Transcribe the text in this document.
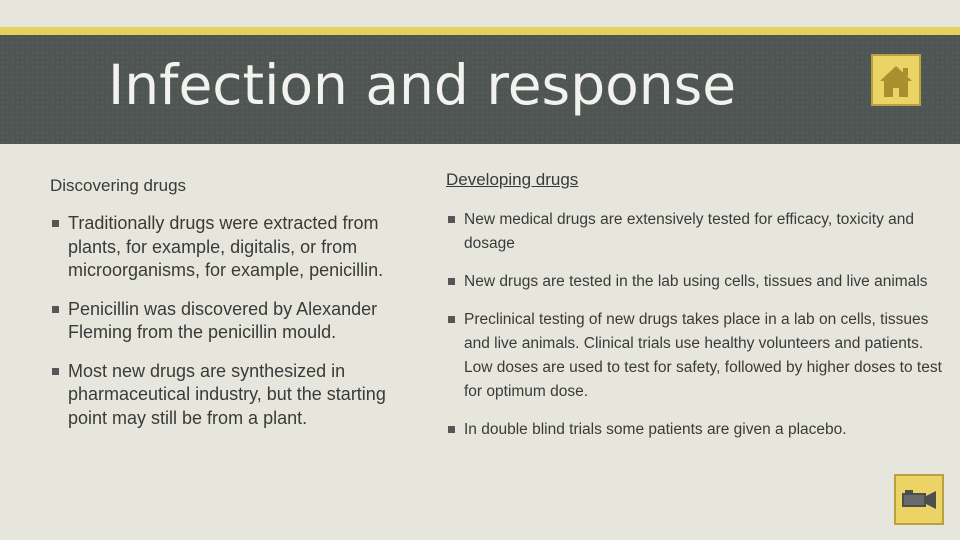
Infection and response
Discovering drugs
Traditionally drugs were extracted from plants, for example, digitalis, or from microorganisms, for example, penicillin.
Penicillin was discovered by Alexander Fleming from the penicillin mould.
Most new drugs are synthesized in pharmaceutical industry, but the starting point may still be from a plant.
Developing drugs
New medical drugs are extensively tested for efficacy, toxicity and dosage
New drugs are tested in the lab using cells, tissues and live animals
Preclinical testing of new drugs takes place in a lab on cells, tissues and live animals. Clinical trials use healthy volunteers and patients. Low doses are used to test for safety, followed by higher doses to test for optimum dose.
In double blind trials some patients are given a placebo.
